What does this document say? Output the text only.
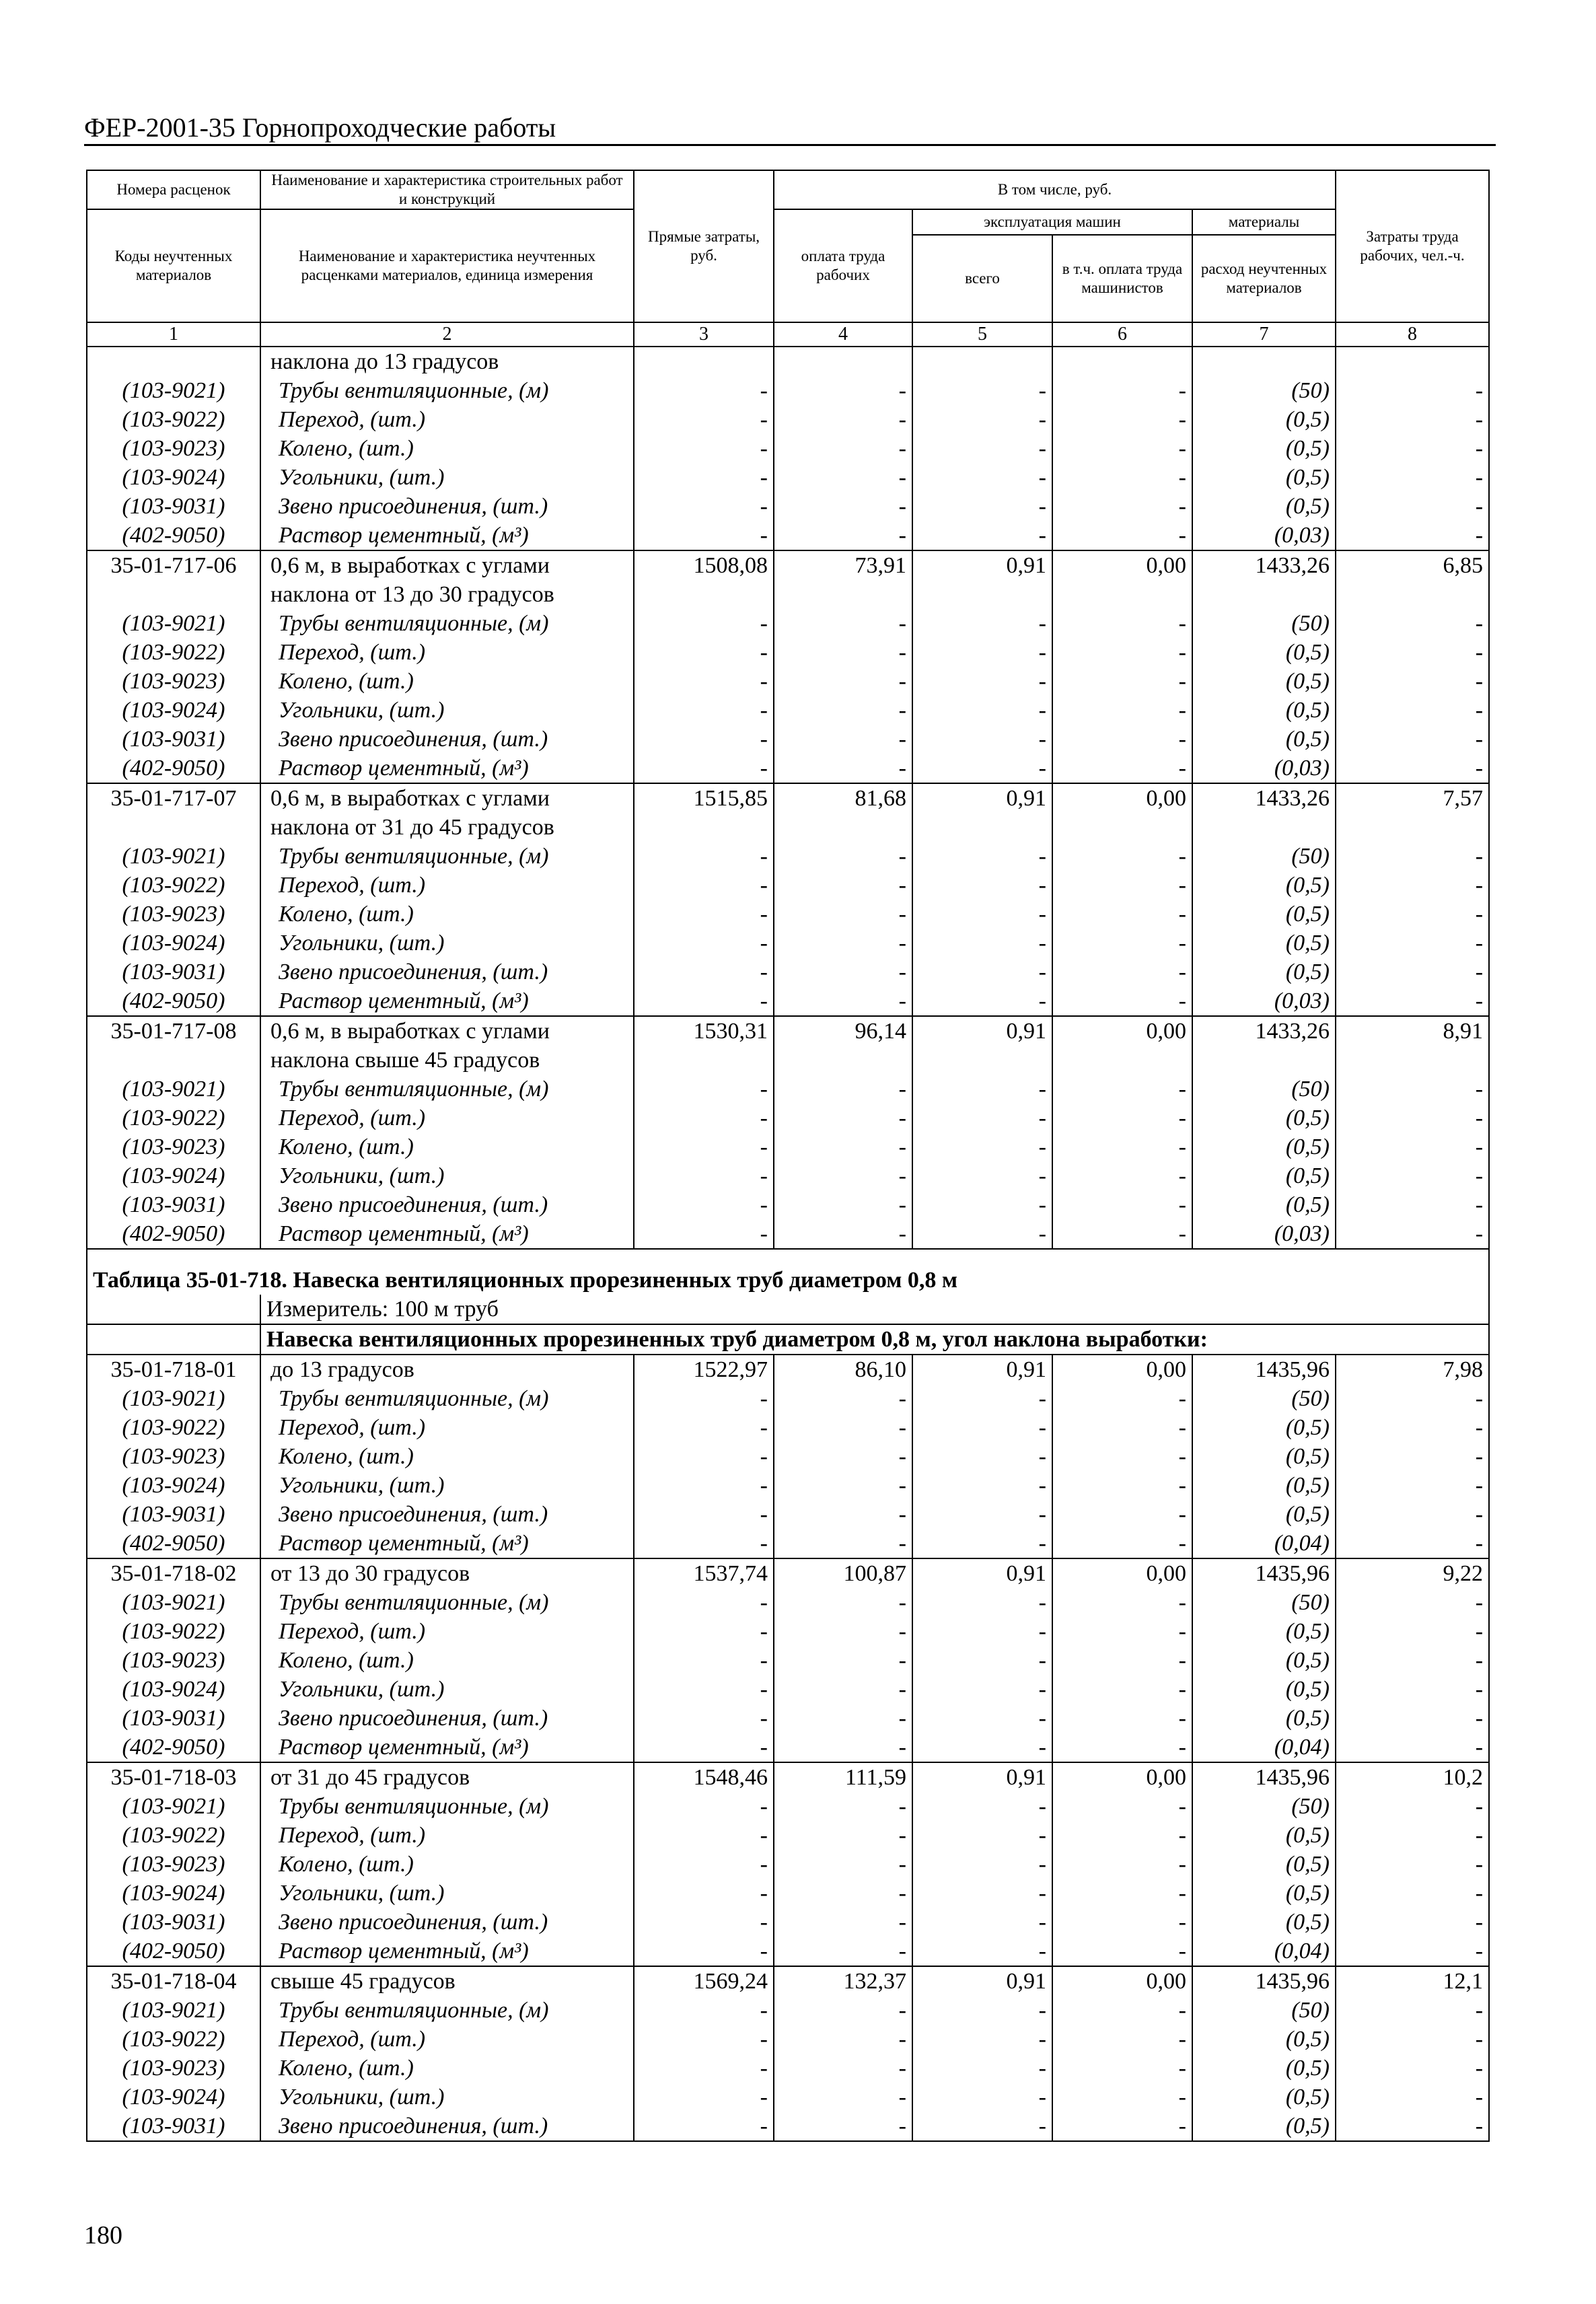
ФЕР-2001-35 Горнопроходческие работы
Номера расценок	Наименование и характеристика строительных работ и конструкций	Прямые затраты, руб.	В том числе, руб.				Затраты труда рабочих, чел.-ч.
Коды неучтенных материалов	Наименование и характеристика неучтенных расценками материалов, единица измерения		оплата труда рабочих	эксплуатация машин		материалы	
				всего	в т.ч. оплата труда машинистов	расход неучтенных материалов	
1	2	3	4	5	6	7	8
	наклона до 13 градусов						
(103-9021)	Трубы вентиляционные, (м)	-	-	-	-	(50)	-
(103-9022)	Переход, (шт.)	-	-	-	-	(0,5)	-
(103-9023)	Колено, (шт.)	-	-	-	-	(0,5)	-
(103-9024)	Угольники, (шт.)	-	-	-	-	(0,5)	-
(103-9031)	Звено присоединения, (шт.)	-	-	-	-	(0,5)	-
(402-9050)	Раствор цементный, (м³)	-	-	-	-	(0,03)	-
35-01-717-06	0,6 м, в выработках с углами	1508,08	73,91	0,91	0,00	1433,26	6,85
	наклона от 13 до 30 градусов						
(103-9021)	Трубы вентиляционные, (м)	-	-	-	-	(50)	-
(103-9022)	Переход, (шт.)	-	-	-	-	(0,5)	-
(103-9023)	Колено, (шт.)	-	-	-	-	(0,5)	-
(103-9024)	Угольники, (шт.)	-	-	-	-	(0,5)	-
(103-9031)	Звено присоединения, (шт.)	-	-	-	-	(0,5)	-
(402-9050)	Раствор цементный, (м³)	-	-	-	-	(0,03)	-
35-01-717-07	0,6 м, в выработках с углами	1515,85	81,68	0,91	0,00	1433,26	7,57
	наклона от 31 до 45 градусов						
(103-9021)	Трубы вентиляционные, (м)	-	-	-	-	(50)	-
(103-9022)	Переход, (шт.)	-	-	-	-	(0,5)	-
(103-9023)	Колено, (шт.)	-	-	-	-	(0,5)	-
(103-9024)	Угольники, (шт.)	-	-	-	-	(0,5)	-
(103-9031)	Звено присоединения, (шт.)	-	-	-	-	(0,5)	-
(402-9050)	Раствор цементный, (м³)	-	-	-	-	(0,03)	-
35-01-717-08	0,6 м, в выработках с углами	1530,31	96,14	0,91	0,00	1433,26	8,91
	наклона свыше 45 градусов						
(103-9021)	Трубы вентиляционные, (м)	-	-	-	-	(50)	-
(103-9022)	Переход, (шт.)	-	-	-	-	(0,5)	-
(103-9023)	Колено, (шт.)	-	-	-	-	(0,5)	-
(103-9024)	Угольники, (шт.)	-	-	-	-	(0,5)	-
(103-9031)	Звено присоединения, (шт.)	-	-	-	-	(0,5)	-
(402-9050)	Раствор цементный, (м³)	-	-	-	-	(0,03)	-
Таблица 35-01-718. Навеска вентиляционных прорезиненных труб диаметром 0,8 м							
	Измеритель: 100 м труб						
	Навеска вентиляционных прорезиненных труб диаметром 0,8 м, угол наклона выработки:						
35-01-718-01	до 13 градусов	1522,97	86,10	0,91	0,00	1435,96	7,98
(103-9021)	Трубы вентиляционные, (м)	-	-	-	-	(50)	-
(103-9022)	Переход, (шт.)	-	-	-	-	(0,5)	-
(103-9023)	Колено, (шт.)	-	-	-	-	(0,5)	-
(103-9024)	Угольники, (шт.)	-	-	-	-	(0,5)	-
(103-9031)	Звено присоединения, (шт.)	-	-	-	-	(0,5)	-
(402-9050)	Раствор цементный, (м³)	-	-	-	-	(0,04)	-
35-01-718-02	от 13 до 30 градусов	1537,74	100,87	0,91	0,00	1435,96	9,22
(103-9021)	Трубы вентиляционные, (м)	-	-	-	-	(50)	-
(103-9022)	Переход, (шт.)	-	-	-	-	(0,5)	-
(103-9023)	Колено, (шт.)	-	-	-	-	(0,5)	-
(103-9024)	Угольники, (шт.)	-	-	-	-	(0,5)	-
(103-9031)	Звено присоединения, (шт.)	-	-	-	-	(0,5)	-
(402-9050)	Раствор цементный, (м³)	-	-	-	-	(0,04)	-
35-01-718-03	от 31 до 45 градусов	1548,46	111,59	0,91	0,00	1435,96	10,2
(103-9021)	Трубы вентиляционные, (м)	-	-	-	-	(50)	-
(103-9022)	Переход, (шт.)	-	-	-	-	(0,5)	-
(103-9023)	Колено, (шт.)	-	-	-	-	(0,5)	-
(103-9024)	Угольники, (шт.)	-	-	-	-	(0,5)	-
(103-9031)	Звено присоединения, (шт.)	-	-	-	-	(0,5)	-
(402-9050)	Раствор цементный, (м³)	-	-	-	-	(0,04)	-
35-01-718-04	свыше 45 градусов	1569,24	132,37	0,91	0,00	1435,96	12,1
(103-9021)	Трубы вентиляционные, (м)	-	-	-	-	(50)	-
(103-9022)	Переход, (шт.)	-	-	-	-	(0,5)	-
(103-9023)	Колено, (шт.)	-	-	-	-	(0,5)	-
(103-9024)	Угольники, (шт.)	-	-	-	-	(0,5)	-
(103-9031)	Звено присоединения, (шт.)	-	-	-	-	(0,5)	-
180
